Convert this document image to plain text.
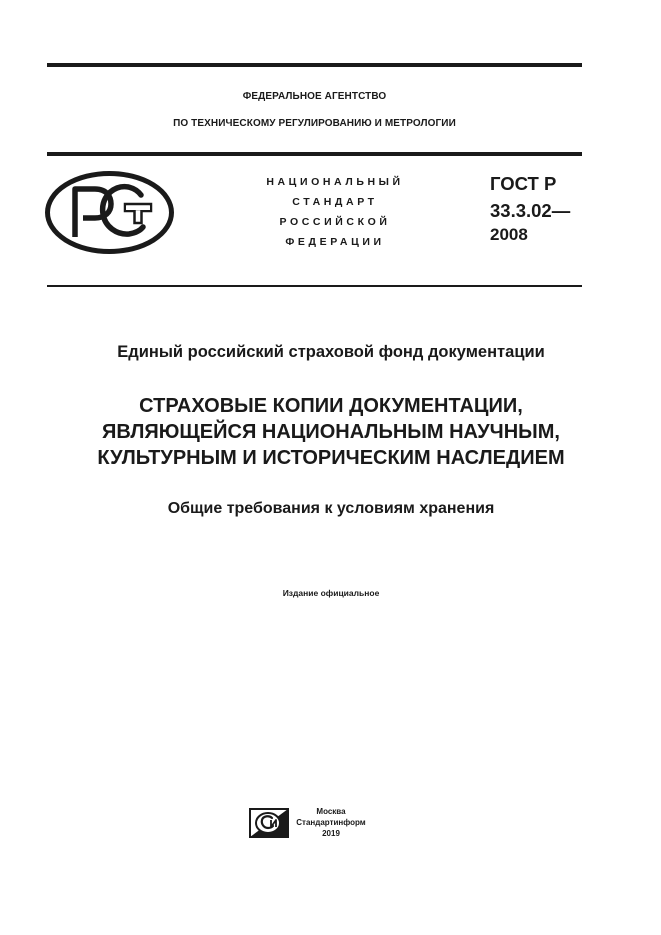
ФЕДЕРАЛЬНОЕ АГЕНТСТВО
ПО ТЕХНИЧЕСКОМУ РЕГУЛИРОВАНИЮ И МЕТРОЛОГИИ
НАЦИОНАЛЬНЫЙ
СТАНДАРТ
РОССИЙСКОЙ
ФЕДЕРАЦИИ
ГОСТ Р
33.3.02—
2008
Единый российский страховой фонд документации
СТРАХОВЫЕ КОПИИ ДОКУМЕНТАЦИИ,
ЯВЛЯЮЩЕЙСЯ НАЦИОНАЛЬНЫМ НАУЧНЫМ,
КУЛЬТУРНЫМ И ИСТОРИЧЕСКИМ НАСЛЕДИЕМ
Общие требования к условиям хранения
Издание официальное
Москва
Стандартинформ
2019
